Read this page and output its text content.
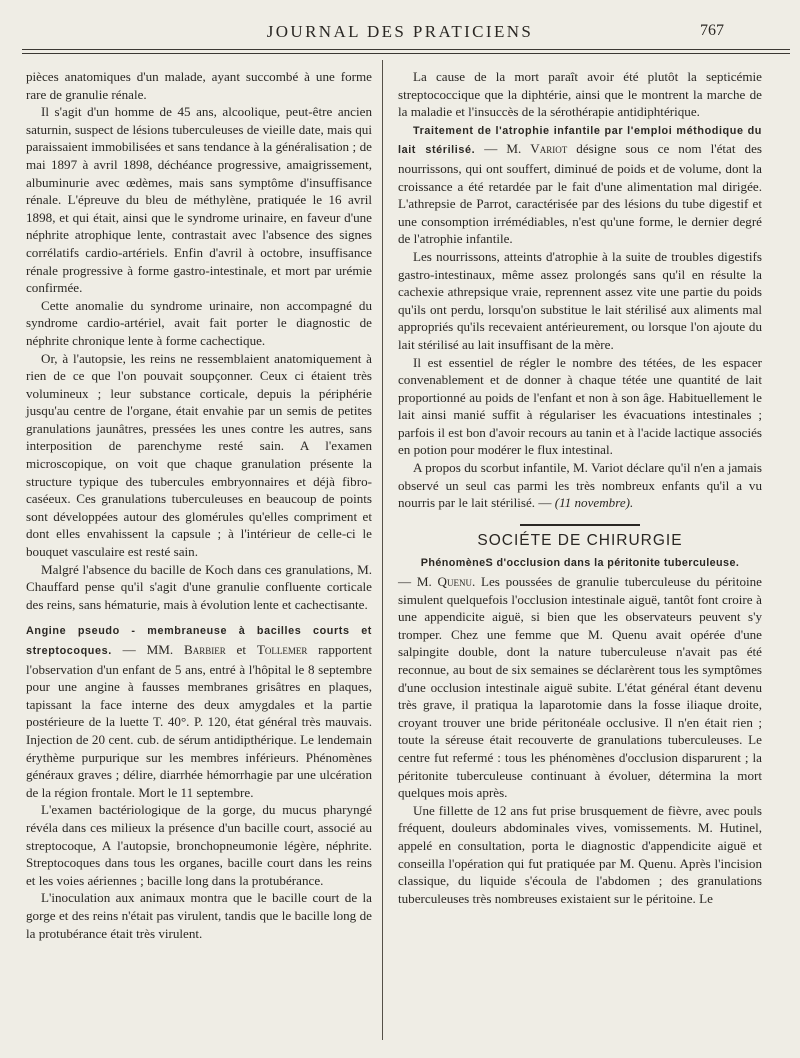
JOURNAL DES PRATICIENS	767

pièces anatomiques d'un malade, ayant succombé à une forme rare de granulie rénale.

Il s'agit d'un homme de 45 ans, alcoolique, peut-être ancien saturnin, suspect de lésions tuberculeuses de vieille date, mais qui paraissaient immobilisées et sans tendance à la généralisation ; de mai 1897 à avril 1898, déchéance progressive, amaigrissement, albuminurie avec œdèmes, mais sans symptôme d'insuffisance rénale. L'épreuve du bleu de méthylène, pratiquée le 16 avril 1898, et qui était, ainsi que le syndrome urinaire, en faveur d'une néphrite atrophique lente, contrastait avec l'absence des signes corrélatifs cardio-artériels. Enfin d'avril à octobre, insuffisance rénale progressive à forme gastro-intestinale, et mort par urémie confirmée.

Cette anomalie du syndrome urinaire, non accompagné du syndrome cardio-artériel, avait fait porter le diagnostic de néphrite chronique lente à forme cachectique.

Or, à l'autopsie, les reins ne ressemblaient anatomiquement à rien de ce que l'on pouvait soupçonner. Ceux ci étaient très volumineux ; leur substance corticale, depuis la périphérie jusqu'au centre de l'organe, était envahie par un semis de petites granulations jaunâtres, pressées les unes contre les autres, sans interposition de parenchyme resté sain. A l'examen microscopique, on voit que chaque granulation présente la structure typique des tubercules embryonnaires et déjà fibro-caséeux. Ces granulations tuberculeuses en beaucoup de points sont développées autour des glomérules qu'elles compriment et dont elles envahissent la capsule ; à l'intérieur de celle-ci le bouquet vasculaire est resté sain.

Malgré l'absence du bacille de Koch dans ces granulations, M. Chauffard pense qu'il s'agit d'une granulie confluente corticale des reins, sans hématurie, mais à évolution lente et cachectisante.

Angine pseudo - membraneuse à bacilles courts et streptocoques. — MM. Barbier et Tollemer rapportent l'observation d'un enfant de 5 ans, entré à l'hôpital le 8 septembre pour une angine à fausses membranes grisâtres en plaques, tapissant la face interne des deux amygdales et la partie postérieure de la luette T. 40°. P. 120, état général très mauvais. Injection de 20 cent. cub. de sérum antidipthérique. Le lendemain érythème purpurique sur les membres inférieurs. Phénomènes généraux graves ; délire, diarrhée hémorrhagie par une ulcération de la région frontale. Mort le 11 septembre.

L'examen bactériologique de la gorge, du mucus pharyngé révéla dans ces milieux la présence d'un bacille court, associé au streptocoque, A l'autopsie, bronchopneumonie légère, néphrite. Streptocoques dans tous les organes, bacille court dans les reins et les voies aériennes ; bacille long dans la protubérance.

L'inoculation aux animaux montra que le bacille court de la gorge et des reins n'était pas virulent, tandis que le bacille long de la protubérance était très virulent.

La cause de la mort paraît avoir été plutôt la septicémie streptococcique que la diphtérie, ainsi que le montrent la marche de la maladie et l'insuccès de la sérothérapie antidiphtérique.

Traitement de l'atrophie infantile par l'emploi méthodique du lait stérilisé. — M. Variot désigne sous ce nom l'état des nourrissons, qui ont souffert, diminué de poids et de volume, dont la croissance a été retardée par le fait d'une alimentation mal dirigée. L'athrepsie de Parrot, caractérisée par des lésions du tube digestif et une consomption irrémédiables, n'est qu'une forme, le dernier degré de l'atrophie infantile.

Les nourrissons, atteints d'atrophie à la suite de troubles digestifs gastro-intestinaux, même assez prolongés sans qu'il en résulte la cachexie athrepsique vraie, reprennent assez vite une partie du poids qu'ils ont perdu, lorsqu'on substitue le lait stérilisé aux aliments mal appropriés qu'ils recevaient antérieurement, ou lorsque l'on ajoute du lait stérilisé au lait insuffisant de la mère.

Il est essentiel de régler le nombre des tétées, de les espacer convenablement et de donner à chaque tétée une quantité de lait proportionné au poids de l'enfant et non à son âge. Habituellement le lait ainsi manié suffit à régulariser les évacuations intestinales ; parfois il est bon d'avoir recours au tanin et à l'acide lactique associés en potion pour modérer le flux intestinal.

A propos du scorbut infantile, M. Variot déclare qu'il n'en a jamais observé un seul cas parmi les très nombreux enfants qu'il a vu nourris par le lait stérilisé. — (11 novembre).

SOCIÉTE DE CHIRURGIE
PhénomèneS d'occlusion dans la péritonite tuberculeuse.

— M. Quenu. Les poussées de granulie tuberculeuse du péritoine simulent quelquefois l'occlusion intestinale aiguë, tantôt font croire à une appendicite aiguë, si bien que les observateurs peuvent s'y tromper. Chez une femme que M. Quenu avait opérée d'une salpingite double, dont la nature tuberculeuse n'avait pas été reconnue, au bout de six semaines se déclarèrent tous les symptômes d'une occlusion intestinale aiguë subite. L'état général étant devenu très grave, il pratiqua la laparotomie dans la fosse iliaque droite, croyant trouver une bride péritonéale occlusive. Il n'en était rien ; toute la séreuse était recouverte de granulations tuberculeuses. Le centre fut refermé : tous les phénomènes d'occlusion disparurent ; la péritonite tuberculeuse continuant à évoluer, détermina la mort quelques mois après.

Une fillette de 12 ans fut prise brusquement de fièvre, avec pouls fréquent, douleurs abdominales vives, vomissements. M. Hutinel, appelé en consultation, porta le diagnostic d'appendicite aiguë et conseilla l'opération qui fut pratiquée par M. Quenu. Après l'incision classique, du liquide s'écoula de l'abdomen ; des granulations tuberculeuses très nombreuses existaient sur le péritoine. Le
